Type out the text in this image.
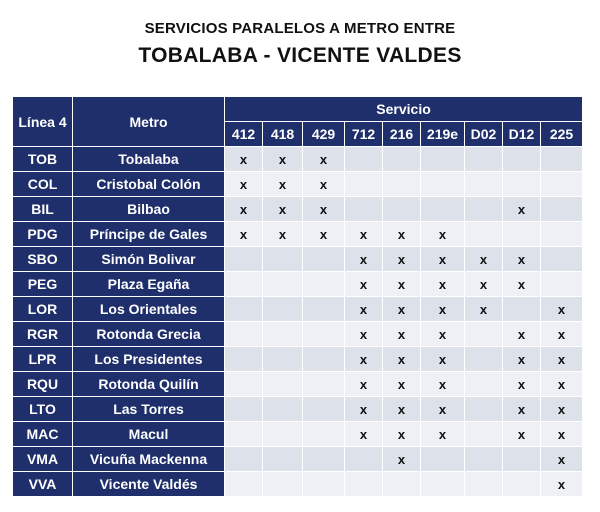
SERVICIOS PARALELOS A METRO ENTRE
TOBALABA - VICENTE VALDES
Línea 4	Metro	Servicio								
		412	418	429	712	216	219e	D02	D12	225
TOB	Tobalaba	x	x	x						
COL	Cristobal Colón	x	x	x						
BIL	Bilbao	x	x	x					x	
PDG	Príncipe de Gales	x	x	x	x	x	x			
SBO	Simón Bolivar				x	x	x	x	x	
PEG	Plaza Egaña				x	x	x	x	x	
LOR	Los Orientales				x	x	x	x		x
RGR	Rotonda Grecia				x	x	x		x	x
LPR	Los Presidentes				x	x	x		x	x
RQU	Rotonda Quilín				x	x	x		x	x
LTO	Las Torres				x	x	x		x	x
MAC	Macul				x	x	x		x	x
VMA	Vicuña Mackenna					x				x
VVA	Vicente Valdés									x
